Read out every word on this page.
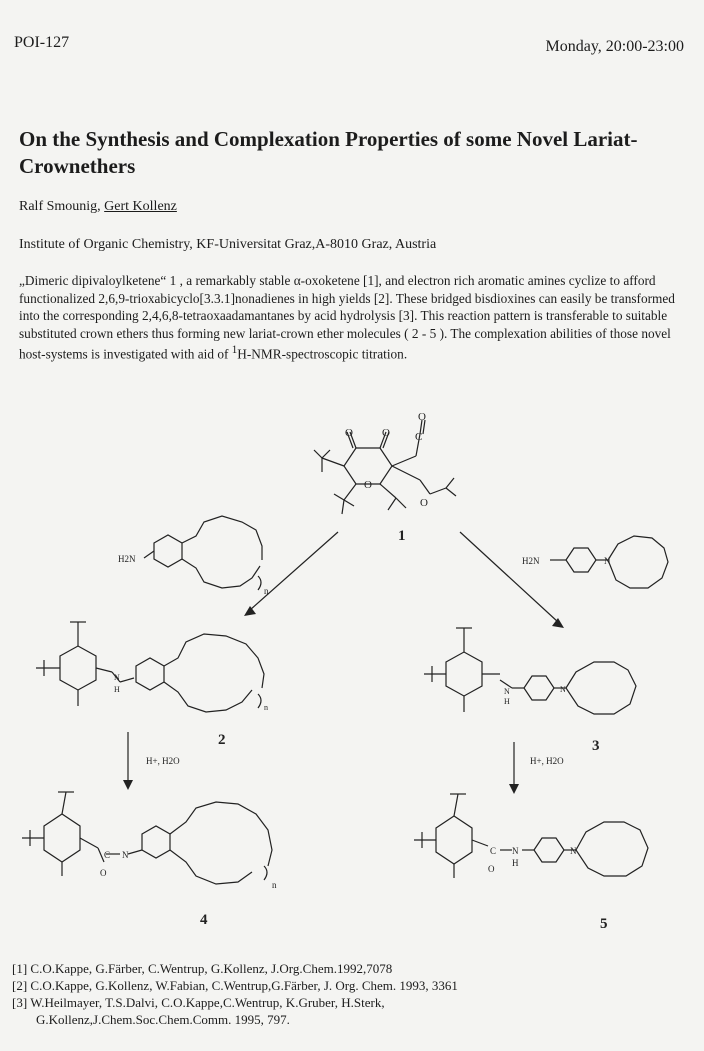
POI-127	Monday, 20:00-23:00
On the Synthesis and Complexation Properties of some Novel Lariat-Crownethers
Ralf Smounig, Gert Kollenz
Institute of Organic Chemistry, KF-Universitat Graz,A-8010 Graz, Austria
„Dimeric dipivaloylketene“ 1 , a remarkably stable α-oxoketene [1], and electron rich aromatic amines cyclize to afford functionalized 2,6,9-trioxabicyclo[3.3.1]nonadienes in high yields [2]. These bridged bisdioxines can easily be transformed into the corresponding 2,4,6,8-tetraoxaadamantanes by acid hydrolysis [3]. This reaction pattern is transferable to suitable substituted crown ethers thus forming new lariat-crown ether molecules ( 2 - 5 ). The complexation abilities of those novel host-systems is investigated with aid of $^1$H-NMR-spectroscopic titration.
O	O
O
C
O
O
1
H2N
n
H2N	N
N
H
n
2
N
H
N
3
H+, H2O	H+, H2O
C N
O
n
4
C N
H
O
N
5

[1] C.O.Kappe, G.Färber, C.Wentrup, G.Kollenz, J.Org.Chem.1992,7078

[2] C.O.Kappe, G.Kollenz, W.Fabian, C.Wentrup,G.Färber, J. Org. Chem. 1993, 3361

[3] W.Heilmayer, T.S.Dalvi, C.O.Kappe,C.Wentrup, K.Gruber, H.Sterk,

G.Kollenz,J.Chem.Soc.Chem.Comm. 1995, 797.
